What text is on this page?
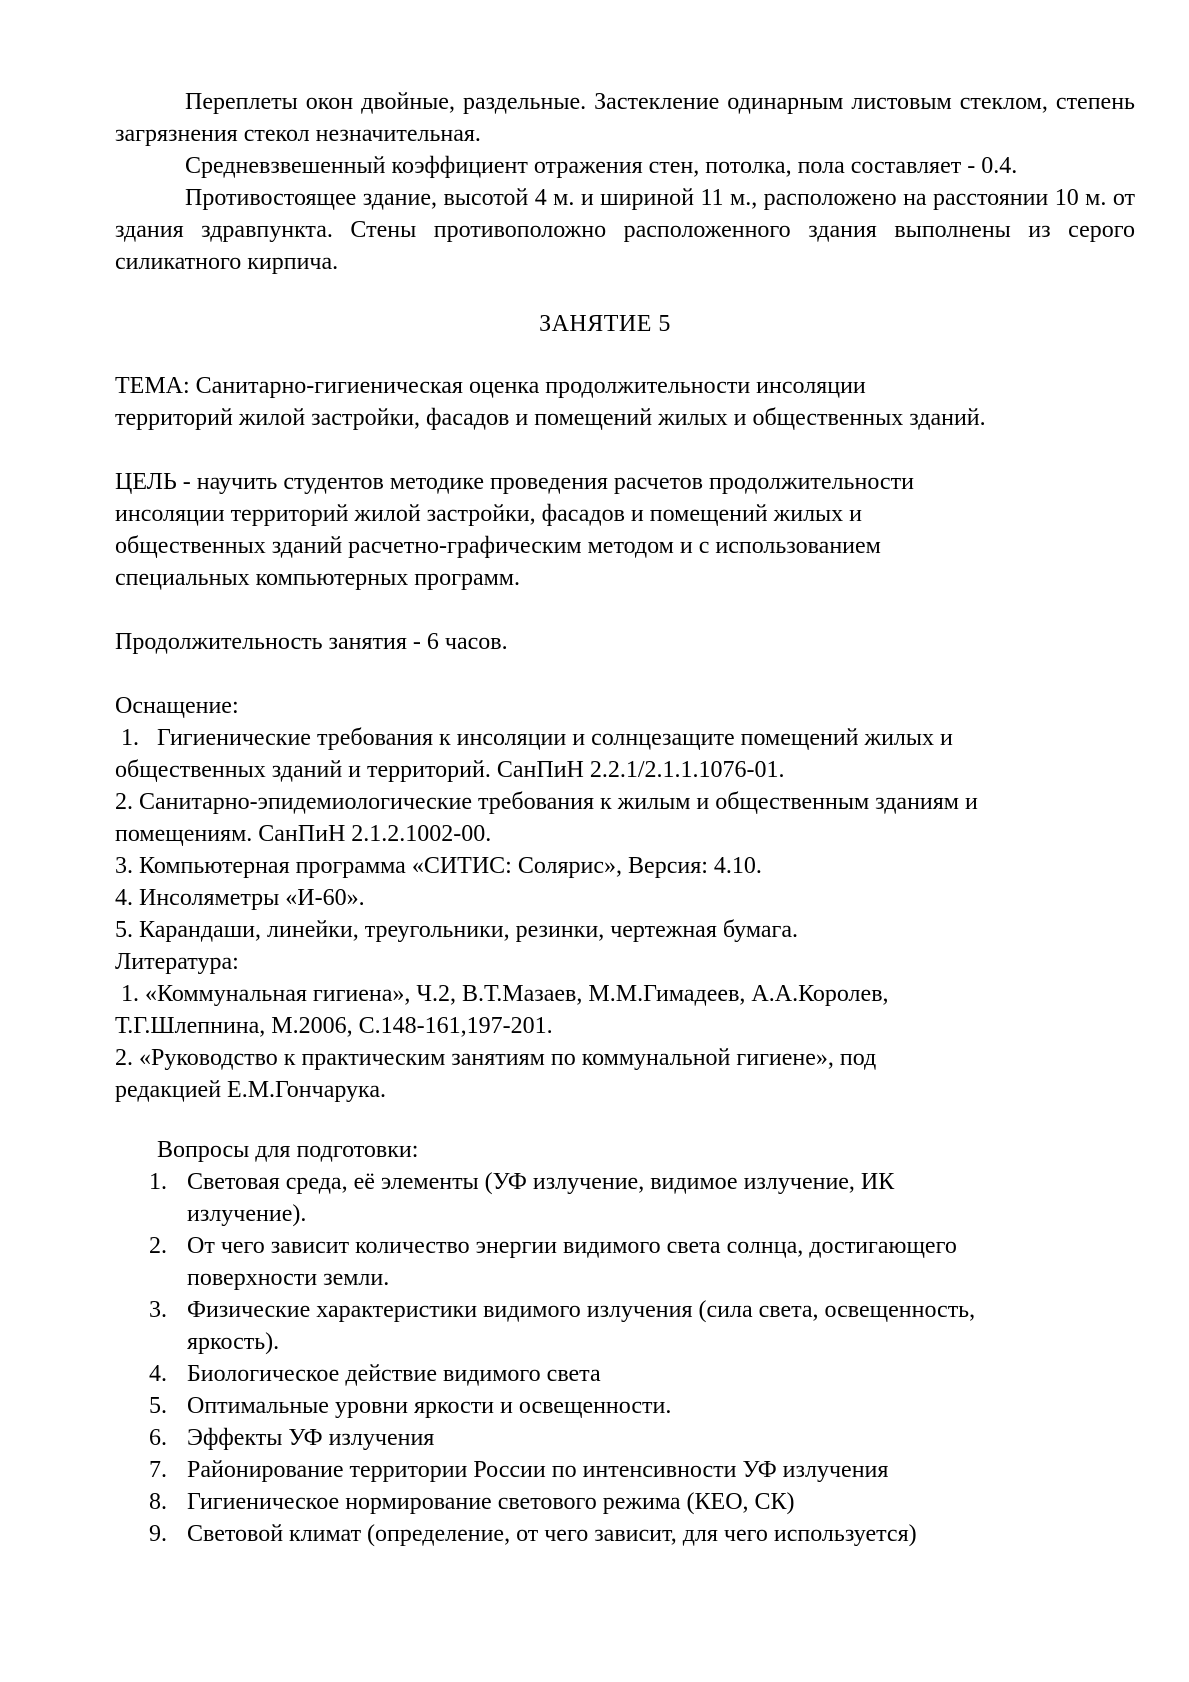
Переплеты окон двойные, раздельные. Застекление одинарным листовым стеклом, степень загрязнения стекол незначительная.

Средневзвешенный коэффициент отражения стен, потолка, пола составляет - 0.4.

Противостоящее здание, высотой 4 м. и шириной 11 м., расположено на расстоянии 10 м. от здания здравпункта. Стены противоположно расположенного здания выполнены из серого силикатного кирпича.

ЗАНЯТИЕ 5
ТЕМА: Санитарно-гигиеническая оценка продолжительности инсоляции
территорий жилой застройки, фасадов и помещений жилых и общественных зданий.
ЦЕЛЬ - научить студентов методике проведения расчетов продолжительности
инсоляции территорий жилой застройки, фасадов и помещений жилых и
общественных зданий расчетно-графическим методом и с использованием
специальных компьютерных программ.
Продолжительность занятия - 6 часов.
Оснащение:
1.   Гигиенические требования к инсоляции и солнцезащите помещений жилых и
общественных зданий и территорий. СанПиН 2.2.1/2.1.1.1076-01.
2. Санитарно-эпидемиологические требования к жилым и общественным зданиям и
помещениям. СанПиН 2.1.2.1002-00.
3. Компьютерная программа «СИТИС: Солярис», Версия: 4.10.
4. Инсоляметры «И-60».
5. Карандаши, линейки, треугольники, резинки, чертежная бумага.
Литература:
1. «Коммунальная гигиена», Ч.2, В.Т.Мазаев, М.М.Гимадеев, А.А.Королев,
Т.Г.Шлепнина, М.2006, С.148-161,197-201.
2. «Руководство к практическим занятиям по коммунальной гигиене», под
редакцией Е.М.Гончарука.
Вопросы для подготовки:
1. Световая среда, её элементы (УФ излучение, видимое излучение, ИК
излучение).
2. От чего зависит количество энергии видимого света солнца, достигающего
поверхности земли.
3. Физические характеристики видимого излучения (сила света, освещенность,
яркость).
4. Биологическое действие видимого света
5. Оптимальные уровни яркости и освещенности.
6. Эффекты УФ излучения
7. Районирование территории России по интенсивности УФ излучения
8. Гигиеническое нормирование светового режима (КЕО, СК)
9. Световой климат (определение, от чего зависит, для чего используется)
